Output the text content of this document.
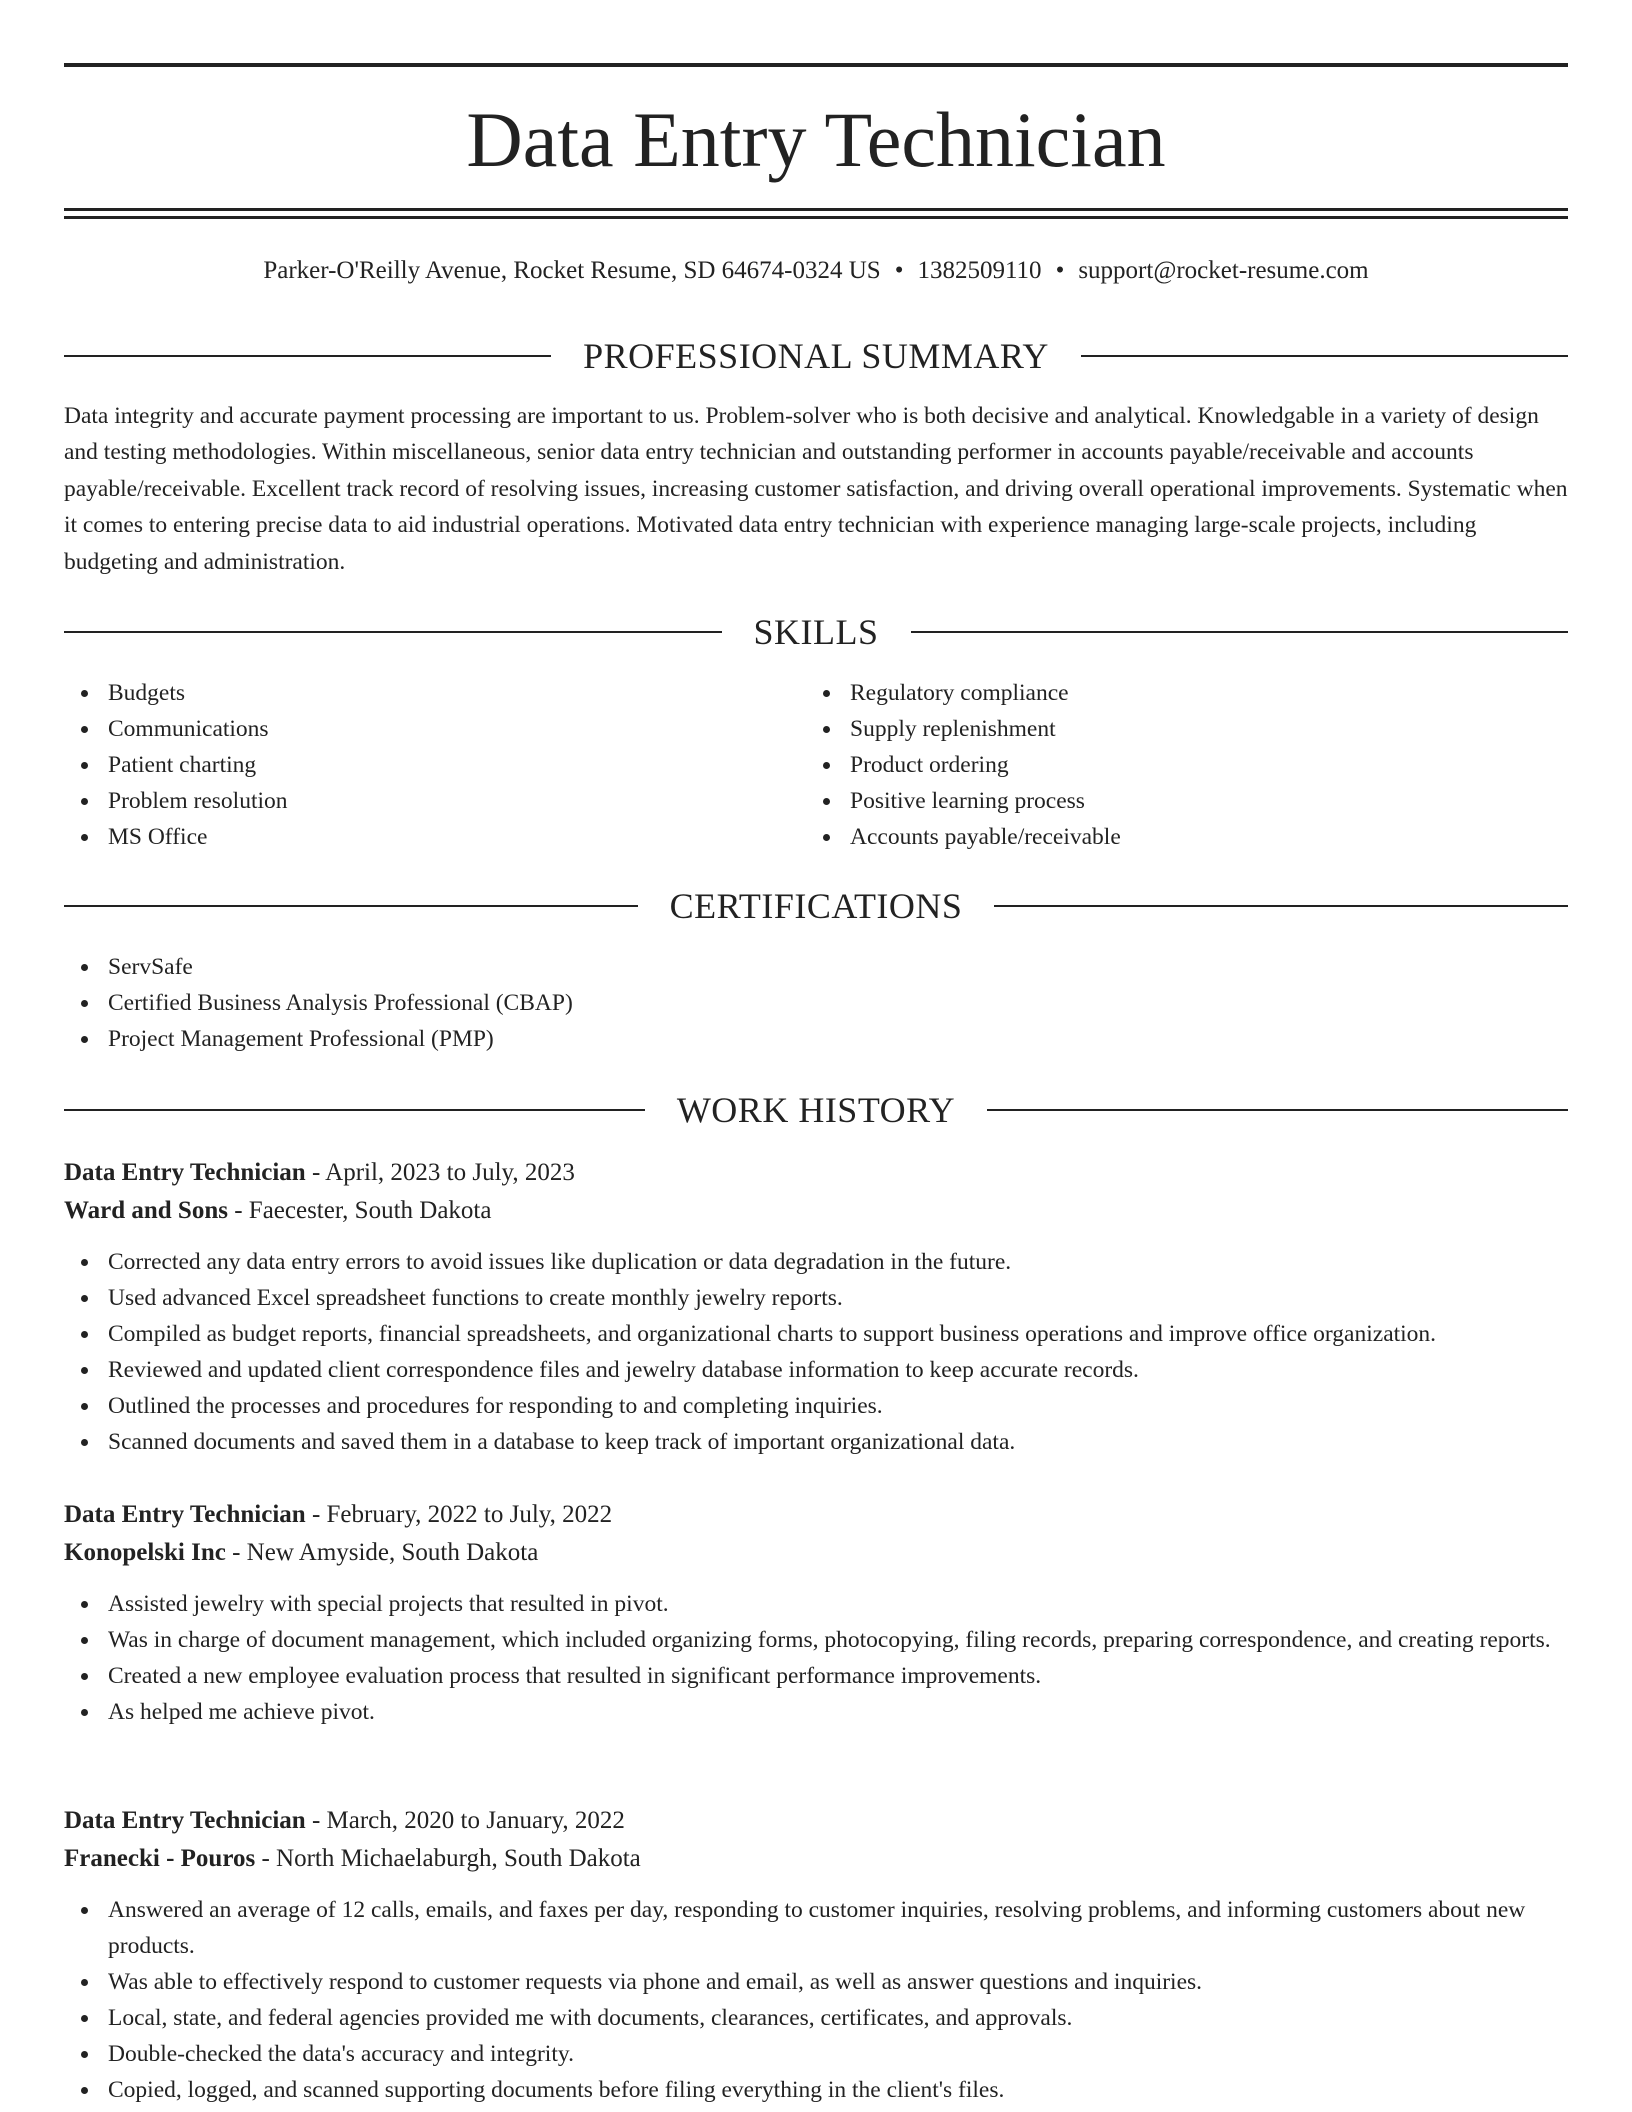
Data Entry Technician
Parker-O'Reilly Avenue, Rocket Resume, SD 64674-0324 US • 1382509110 • support@rocket-resume.com
PROFESSIONAL SUMMARY

Data integrity and accurate payment processing are important to us. Problem-solver who is both decisive and analytical. Knowledgable in a variety of design and testing methodologies. Within miscellaneous, senior data entry technician and outstanding performer in accounts payable/receivable and accounts payable/receivable. Excellent track record of resolving issues, increasing customer satisfaction, and driving overall operational improvements. Systematic when it comes to entering precise data to aid industrial operations. Motivated data entry technician with experience managing large-scale projects, including budgeting and administration.

SKILLS
Budgets
Communications
Patient charting
Problem resolution
MS Office
Regulatory compliance
Supply replenishment
Product ordering
Positive learning process
Accounts payable/receivable
CERTIFICATIONS
ServSafe
Certified Business Analysis Professional (CBAP)
Project Management Professional (PMP)
WORK HISTORY
Data Entry Technician - April, 2023 to July, 2023
Ward and Sons - Faecester, South Dakota
Corrected any data entry errors to avoid issues like duplication or data degradation in the future.
Used advanced Excel spreadsheet functions to create monthly jewelry reports.
Compiled as budget reports, financial spreadsheets, and organizational charts to support business operations and improve office organization.
Reviewed and updated client correspondence files and jewelry database information to keep accurate records.
Outlined the processes and procedures for responding to and completing inquiries.
Scanned documents and saved them in a database to keep track of important organizational data.
Data Entry Technician - February, 2022 to July, 2022
Konopelski Inc - New Amyside, South Dakota
Assisted jewelry with special projects that resulted in pivot.
Was in charge of document management, which included organizing forms, photocopying, filing records, preparing correspondence, and creating reports.
Created a new employee evaluation process that resulted in significant performance improvements.
As helped me achieve pivot.
Data Entry Technician - March, 2020 to January, 2022
Franecki - Pouros - North Michaelaburgh, South Dakota
Answered an average of 12 calls, emails, and faxes per day, responding to customer inquiries, resolving problems, and informing customers about new products.
Was able to effectively respond to customer requests via phone and email, as well as answer questions and inquiries.
Local, state, and federal agencies provided me with documents, clearances, certificates, and approvals.
Double-checked the data's accuracy and integrity.
Copied, logged, and scanned supporting documents before filing everything in the client's files.
